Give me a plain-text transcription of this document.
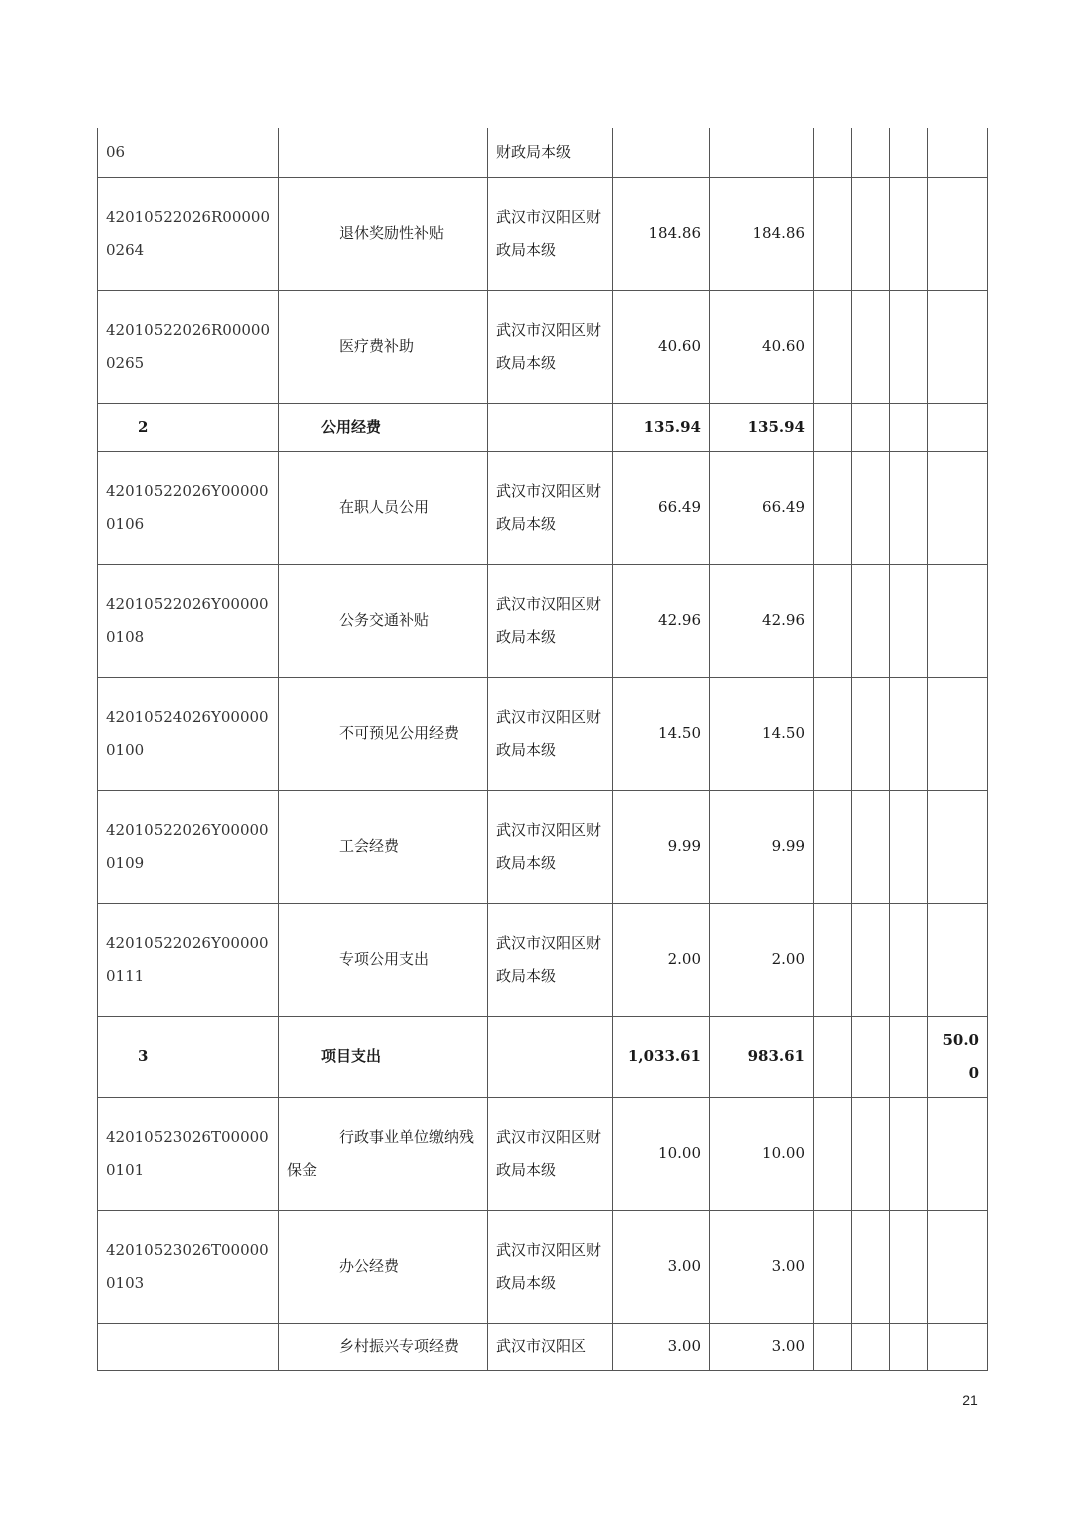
06		财政局本级						
42010522026R000000264	退休奖励性补贴	武汉市汉阳区财政局本级	184.86	184.86				
42010522026R000000265	医疗费补助	武汉市汉阳区财政局本级	40.60	40.60				
2	公用经费		135.94	135.94				
42010522026Y000000106	在职人员公用	武汉市汉阳区财政局本级	66.49	66.49				
42010522026Y000000108	公务交通补贴	武汉市汉阳区财政局本级	42.96	42.96				
42010524026Y000000100	不可预见公用经费	武汉市汉阳区财政局本级	14.50	14.50				
42010522026Y000000109	工会经费	武汉市汉阳区财政局本级	9.99	9.99				
42010522026Y000000111	专项公用支出	武汉市汉阳区财政局本级	2.00	2.00				
3	项目支出		1,033.61	983.61				50.00
42010523026T000000101	行政事业单位缴纳残保金	武汉市汉阳区财政局本级	10.00	10.00				
42010523026T000000103	办公经费	武汉市汉阳区财政局本级	3.00	3.00				

	乡村振兴专项经费	武汉市汉阳区	3.00	3.00				
21
